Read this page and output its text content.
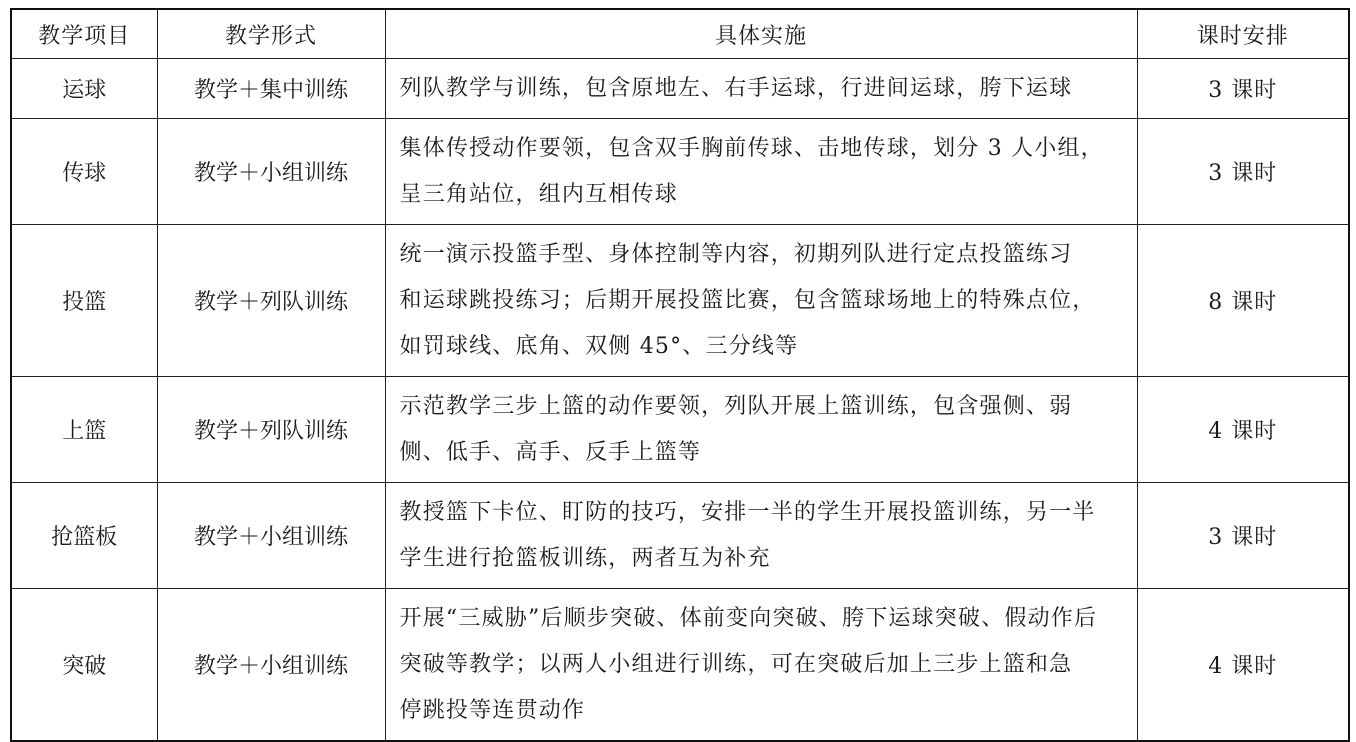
教学项目	教学形式	具体实施	课时安排
运球	教学＋集中训练	列队教学与训练，包含原地左、右手运球，行进间运球，胯下运球	3 课时
传球	教学＋小组训练	集体传授动作要领，包含双手胸前传球、击地传球，划分 3 人小组，
呈三角站位，组内互相传球	3 课时
投篮	教学＋列队训练	统一演示投篮手型、身体控制等内容，初期列队进行定点投篮练习
和运球跳投练习；后期开展投篮比赛，包含篮球场地上的特殊点位，
如罚球线、底角、双侧 45°、三分线等	8 课时
上篮	教学＋列队训练	示范教学三步上篮的动作要领，列队开展上篮训练，包含强侧、弱
侧、低手、高手、反手上篮等	4 课时
抢篮板	教学＋小组训练	教授篮下卡位、盯防的技巧，安排一半的学生开展投篮训练，另一半
学生进行抢篮板训练，两者互为补充	3 课时
突破	教学＋小组训练	开展“三威胁”后顺步突破、体前变向突破、胯下运球突破、假动作后
突破等教学；以两人小组进行训练，可在突破后加上三步上篮和急
停跳投等连贯动作	4 课时
